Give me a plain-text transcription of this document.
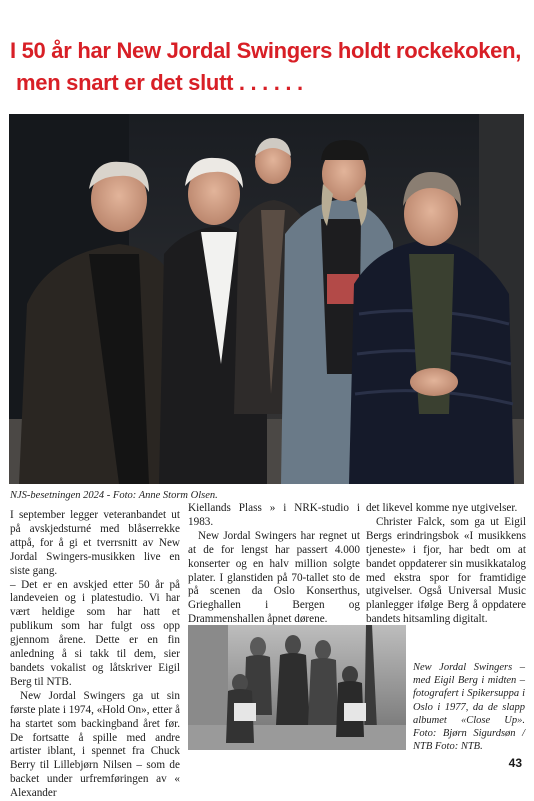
I 50 år har New Jordal Swingers holdt rockekoken,
men snart er det slutt . . . . . .
NJS-besetningen 2024 - Foto: Anne Storm Olsen.

I september legger veteranbandet ut på avskjedsturné med blåserrekke attpå, for å gi et tverrsnitt av New Jordal Swingers-musikken live en siste gang.

– Det er en avskjed etter 50 år på landeveien og i platestudio. Vi har vært heldige som har hatt et publikum som har fulgt oss opp gjennom årene. Dette er en fin anledning å si takk til dem, sier bandets vokalist og låtskriver Eigil Berg til NTB.

New Jordal Swingers ga ut sin første plate i 1974, «Hold On», etter å ha startet som backingband året før. De fortsatte å spille med andre artister iblant, i spennet fra Chuck Berry til Lillebjørn Nilsen – som de backet under urfremføringen av « Alexander

Kiellands Plass » i NRK-studio i 1983.

New Jordal Swingers har regnet ut at de for lengst har passert 4.000 konserter og en halv million solgte plater. I glanstiden på 70-tallet sto de på scenen da Oslo Konserthus, Grieghallen i Bergen og Drammenshallen åpnet dørene.

det likevel komme nye utgivelser.

Christer Falck, som ga ut Eigil Bergs erindringsbok «I musikkens tjeneste» i fjor, har bedt om at bandet oppdaterer sin musikkatalog med ekstra spor for framtidige utgivelser. Også Universal Music planlegger ifølge Berg å oppdatere bandets hitsamling digitalt.

New Jordal Swingers – med Eigil Berg i midten – fotografert i Spikersuppa i Oslo i 1977, da de slapp albumet «Close Up». Foto: Bjørn Sigurdsøn / NTB Foto: NTB.
43
